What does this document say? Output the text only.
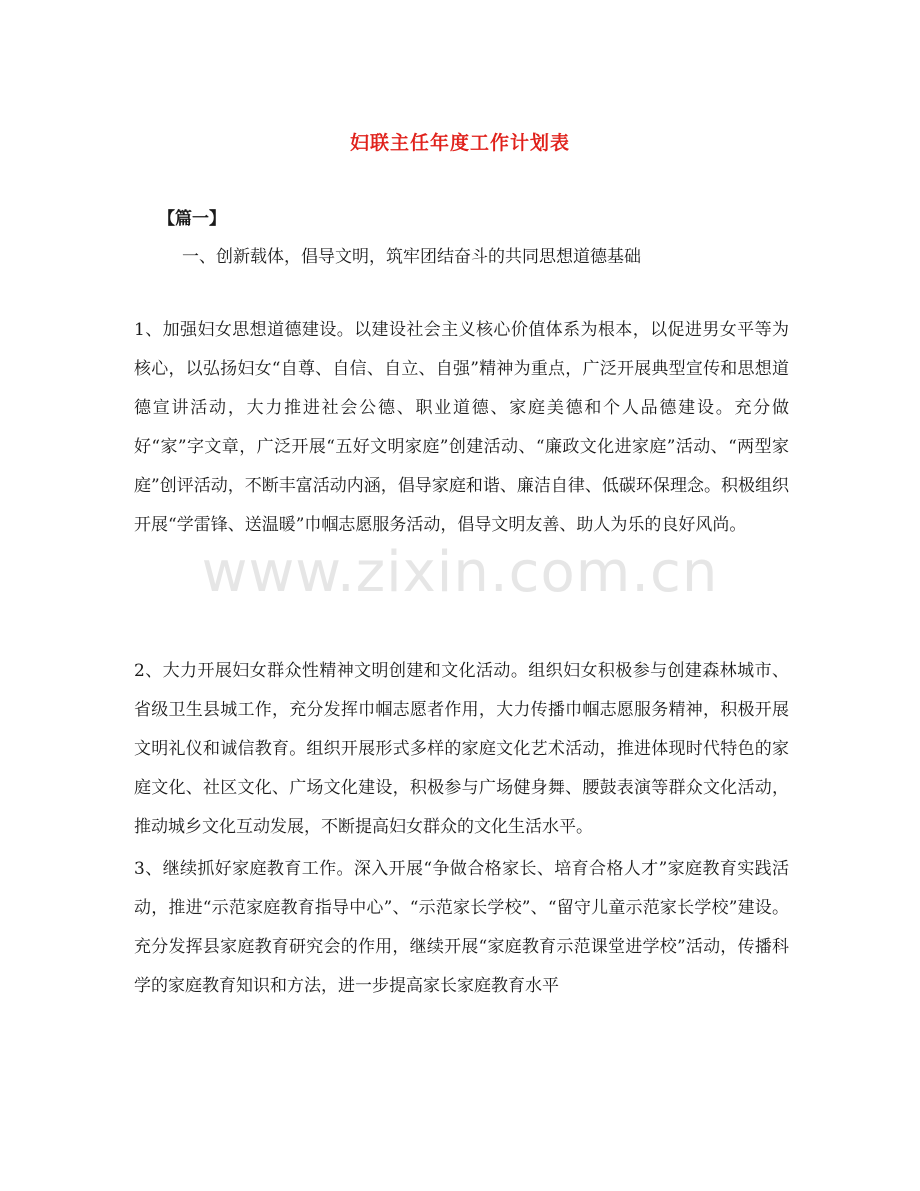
www.zixin.com.cn
妇联主任年度工作计划表
【篇一】
一、创新载体，倡导文明，筑牢团结奋斗的共同思想道德基础
1、加强妇女思想道德建设。以建设社会主义核心价值体系为根本，以促进男女平等为核心，以弘扬妇女“自尊、自信、自立、自强”精神为重点，广泛开展典型宣传和思想道德宣讲活动，大力推进社会公德、职业道德、家庭美德和个人品德建设。充分做好“家”字文章，广泛开展“五好文明家庭”创建活动、“廉政文化进家庭”活动、“两型家庭”创评活动，不断丰富活动内涵，倡导家庭和谐、廉洁自律、低碳环保理念。积极组织开展“学雷锋、送温暖”巾帼志愿服务活动，倡导文明友善、助人为乐的良好风尚。
2、大力开展妇女群众性精神文明创建和文化活动。组织妇女积极参与创建森林城市、省级卫生县城工作，充分发挥巾帼志愿者作用，大力传播巾帼志愿服务精神，积极开展文明礼仪和诚信教育。组织开展形式多样的家庭文化艺术活动，推进体现时代特色的家庭文化、社区文化、广场文化建设，积极参与广场健身舞、腰鼓表演等群众文化活动，推动城乡文化互动发展，不断提高妇女群众的文化生活水平。
3、继续抓好家庭教育工作。深入开展“争做合格家长、培育合格人才”家庭教育实践活动，推进“示范家庭教育指导中心”、“示范家长学校”、“留守儿童示范家长学校”建设。充分发挥县家庭教育研究会的作用，继续开展“家庭教育示范课堂进学校”活动，传播科学的家庭教育知识和方法，进一步提高家长家庭教育水平
